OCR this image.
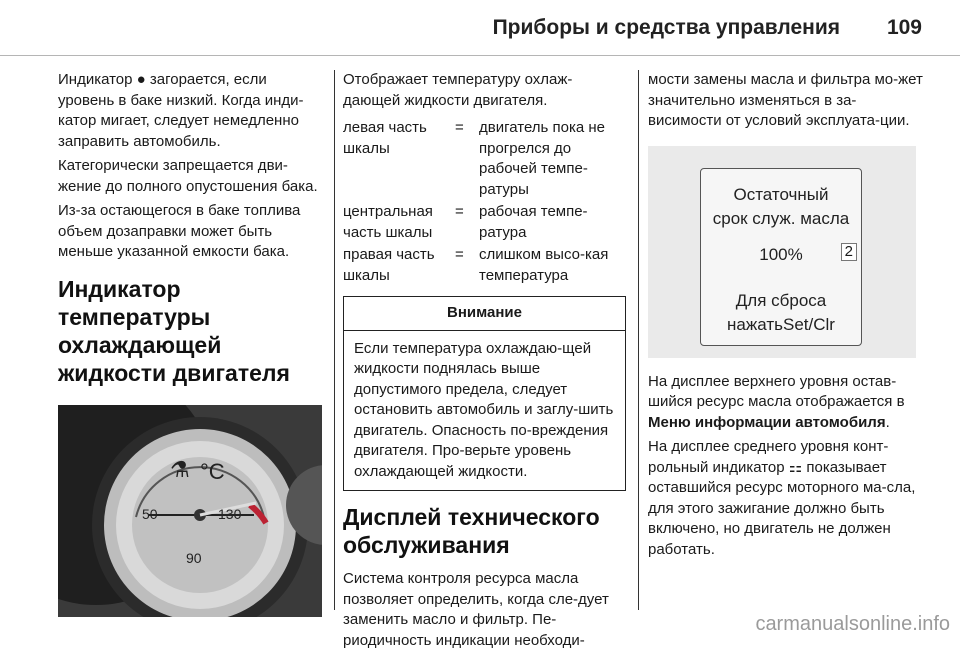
Приборы и средства управления 109

Индикатор ● загорается, если уровень в баке низкий. Когда инди-катор мигает, следует немедленно заправить автомобиль.

Категорически запрещается дви-жение до полного опустошения бака.

Из-за остающегося в баке топлива объем дозаправки может быть меньше указанной емкости бака.

Индикатор температуры охлаждающей жидкости двигателя
⚗ °C
50	130
90

Отображает температуру охлаж-дающей жидкости двигателя.

левая часть шкалы
=	двигатель пока не прогрелся до рабочей темпе-ратуры
центральная часть шкалы
=	рабочая темпе-ратура
правая часть шкалы
=	слишком высо-кая температура
Внимание
Если температура охлаждаю-щей жидкости поднялась выше допустимого предела, следует остановить автомобиль и заглу-шить двигатель. Опасность по-вреждения двигателя. Про-верьте уровень охлаждающей жидкости.
Дисплей технического обслуживания

Система контроля ресурса масла позволяет определить, когда сле-дует заменить масло и фильтр. Пе-риодичность индикации необходи-

мости замены масла и фильтра мо-жет значительно изменяться в за-висимости от условий эксплуата-ции.

Остаточный
срок служ. масла
2
100%
Для сброса
нажатьSet/Clr

На дисплее верхнего уровня остав-шийся ресурс масла отображается в Меню информации автомобиля.

На дисплее среднего уровня конт-рольный индикатор ⚏ показывает оставшийся ресурс моторного ма-сла, для этого зажигание должно быть включено, но двигатель не должен работать.

carmanualsonline.info
